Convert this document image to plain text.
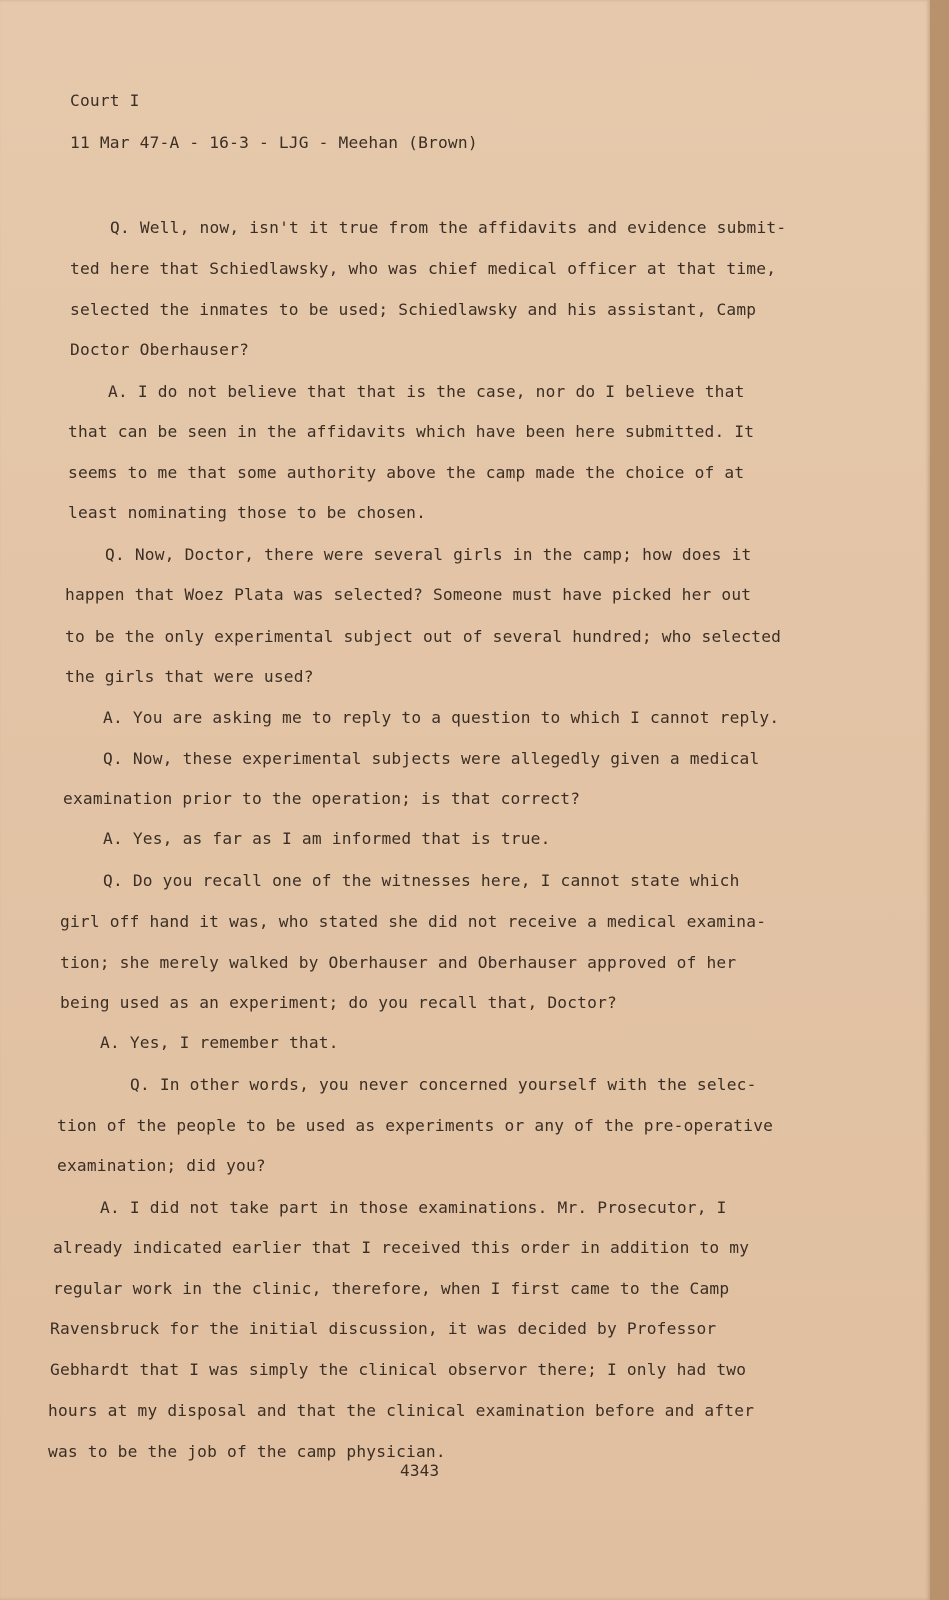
Court I

11 Mar 47-A - 16-3 - LJG - Meehan (Brown)

Q. Well, now, isn't it true from the affidavits and evidence submit-

ted here that Schiedlawsky, who was chief medical officer at that time,

selected the inmates to be used; Schiedlawsky and his assistant, Camp

Doctor Oberhauser?

A. I do not believe that that is the case, nor do I believe that

that can be seen in the affidavits which have been here submitted. It

seems to me that some authority above the camp made the choice of at

least nominating those to be chosen.

Q. Now, Doctor, there were several girls in the camp; how does it

happen that Woez Plata was selected? Someone must have picked her out

to be the only experimental subject out of several hundred; who selected

the girls that were used?

A. You are asking me to reply to a question to which I cannot reply.

Q. Now, these experimental subjects were allegedly given a medical

examination prior to the operation; is that correct?

A. Yes, as far as I am informed that is true.

Q. Do you recall one of the witnesses here, I cannot state which

girl off hand it was, who stated she did not receive a medical examina-

tion; she merely walked by Oberhauser and Oberhauser approved of her

being used as an experiment; do you recall that, Doctor?

A. Yes, I remember that.

Q. In other words, you never concerned yourself with the selec-

tion of the people to be used as experiments or any of the pre-operative

examination; did you?

A. I did not take part in those examinations. Mr. Prosecutor, I

already indicated earlier that I received this order in addition to my

regular work in the clinic, therefore, when I first came to the Camp

Ravensbruck for the initial discussion, it was decided by Professor

Gebhardt that I was simply the clinical observor there; I only had two

hours at my disposal and that the clinical examination before and after

was to be the job of the camp physician.

4343
